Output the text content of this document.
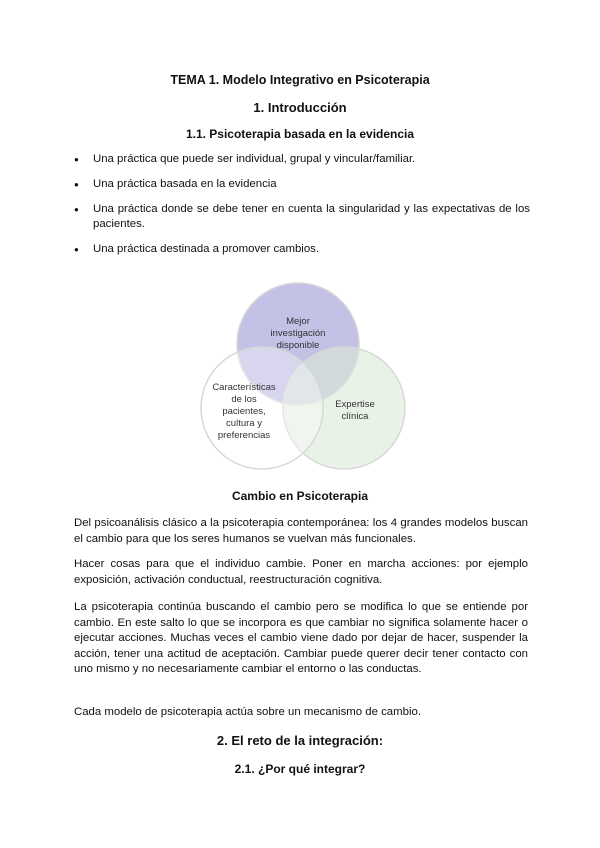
TEMA 1. Modelo Integrativo en Psicoterapia
1. Introducción
1.1. Psicoterapia basada en la evidencia
● Una práctica que puede ser individual, grupal y vincular/familiar.
● Una práctica basada en la evidencia
● Una práctica donde se debe tener en cuenta la singularidad y las expectativas de los pacientes.
● Una práctica destinada a promover cambios.
Mejor
investigación
disponible
Expertise
clínica
Características
de los
pacientes,
cultura y
preferencias
Cambio en Psicoterapia

Del psicoanálisis clásico a la psicoterapia contemporánea: los 4 grandes modelos buscan el cambio para que los seres humanos se vuelvan más funcionales.

Hacer cosas para que el individuo cambie. Poner en marcha acciones: por ejemplo exposición, activación conductual, reestructuración cognitiva.

La psicoterapia continúa buscando el cambio pero se modifica lo que se entiende por cambio. En este salto lo que se incorpora es que cambiar no significa solamente hacer o ejecutar acciones. Muchas veces el cambio viene dado por dejar de hacer, suspender la acción, tener una actitud de aceptación. Cambiar puede querer decir tener contacto con uno mismo y no necesariamente cambiar el entorno o las conductas.

Cada modelo de psicoterapia actúa sobre un mecanismo de cambio.

2. El reto de la integración:
2.1. ¿Por qué integrar?
